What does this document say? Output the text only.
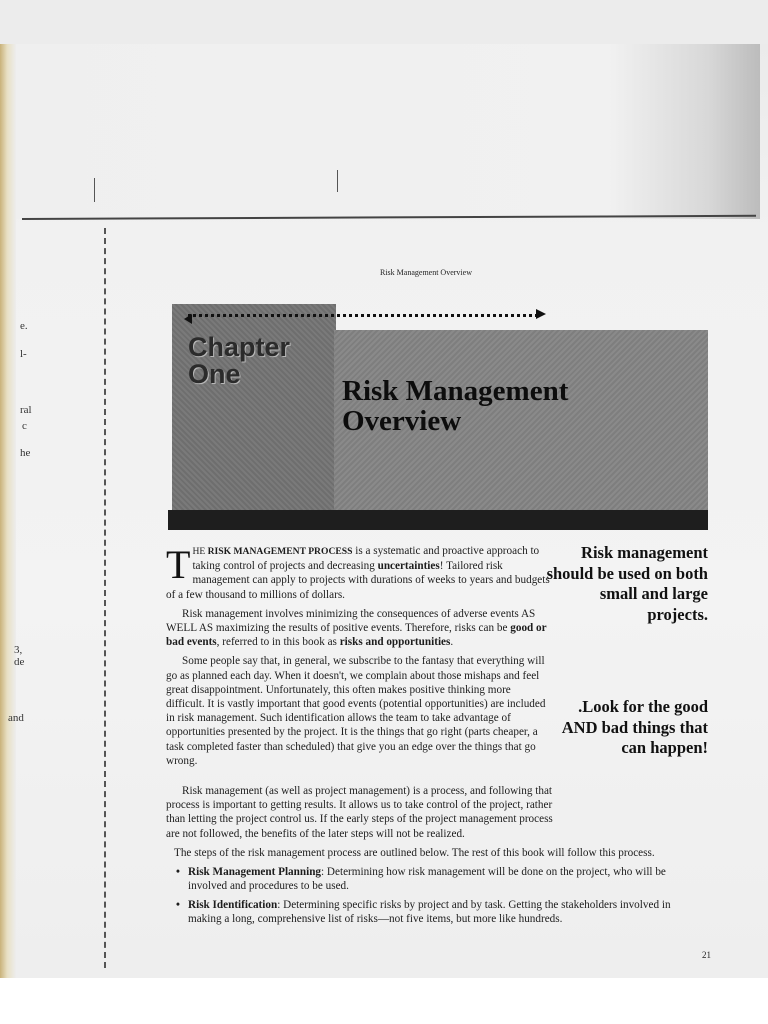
e.
l-
ral
c
he
3,
de
and
Risk Management Overview
Chapter
One
Risk Management
Overview

THE RISK MANAGEMENT PROCESS is a systematic and proactive approach to taking control of projects and decreasing uncertainties! Tailored risk management can apply to projects with durations of weeks to years and budgets of a few thousand to millions of dollars.

Risk management involves minimizing the consequences of adverse events AS WELL AS maximizing the results of positive events. Therefore, risks can be good or bad events, referred to in this book as risks and opportunities.

Some people say that, in general, we subscribe to the fantasy that everything will go as planned each day. When it doesn't, we complain about those mishaps and feel great disappointment. Unfortunately, this often makes positive thinking more difficult. It is vastly important that good events (potential opportunities) are included in risk management. Such identification allows the team to take advantage of opportunities presented by the project. It is the things that go right (parts cheaper, a task completed faster than scheduled) that give you an edge over the things that go wrong.

Risk management should be used on both small and large projects.
.Look for the good AND bad things that can happen!

Risk management (as well as project management) is a process, and following that process is important to getting results. It allows us to take control of the project, rather than letting the project control us. If the early steps of the project management process are not followed, the benefits of the later steps will not be realized.

The steps of the risk management process are outlined below. The rest of this book will follow this process.

• Risk Management Planning: Determining how risk management will be done on the project, who will be involved and procedures to be used.
• Risk Identification: Determining specific risks by project and by task. Getting the stakeholders involved in making a long, comprehensive list of risks—not five items, but more like hundreds.
21
